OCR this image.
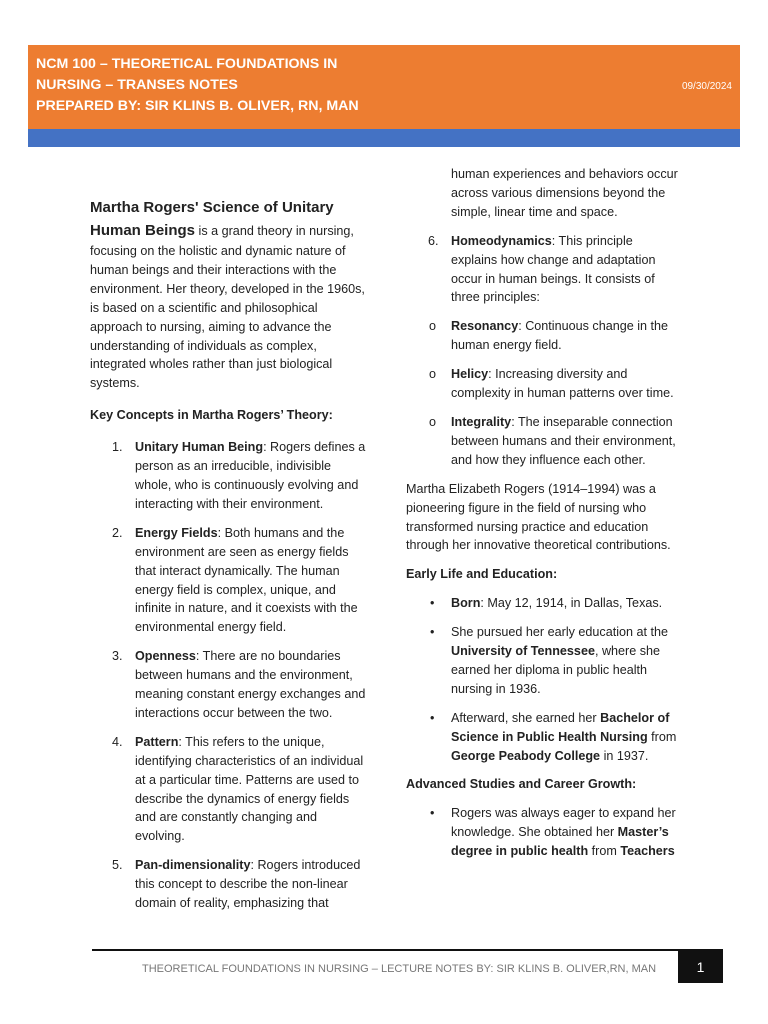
NCM 100 – THEORETICAL FOUNDATIONS IN
NURSING – TRANSES NOTES
PREPARED BY: SIR KLINS B. OLIVER, RN, MAN
09/30/2024

Martha Rogers' Science of Unitary

Human Beings is a grand theory in nursing, focusing on the holistic and dynamic nature of human beings and their interactions with the environment. Her theory, developed in the 1960s, is based on a scientific and philosophical approach to nursing, aiming to advance the understanding of individuals as complex, integrated wholes rather than just biological systems.

Key Concepts in Martha Rogers’ Theory:

1. Unitary Human Being: Rogers defines a person as an irreducible, indivisible whole, who is continuously evolving and interacting with their environment.
2. Energy Fields: Both humans and the environment are seen as energy fields that interact dynamically. The human energy field is complex, unique, and infinite in nature, and it coexists with the environmental energy field.
3. Openness: There are no boundaries between humans and the environment, meaning constant energy exchanges and interactions occur between the two.
4. Pattern: This refers to the unique, identifying characteristics of an individual at a particular time. Patterns are used to describe the dynamics of energy fields and are constantly changing and evolving.
5. Pan-dimensionality: Rogers introduced this concept to describe the non-linear domain of reality, emphasizing that

human experiences and behaviors occur across various dimensions beyond the simple, linear time and space.

6. Homeodynamics: This principle explains how change and adaptation occur in human beings. It consists of three principles:
o Resonancy: Continuous change in the human energy field.
o Helicy: Increasing diversity and complexity in human patterns over time.
o Integrality: The inseparable connection between humans and their environment, and how they influence each other.

Martha Elizabeth Rogers (1914–1994) was a pioneering figure in the field of nursing who transformed nursing practice and education through her innovative theoretical contributions.

Early Life and Education:

• Born: May 12, 1914, in Dallas, Texas.
• She pursued her early education at the University of Tennessee, where she earned her diploma in public health nursing in 1936.
• Afterward, she earned her Bachelor of Science in Public Health Nursing from George Peabody College in 1937.

Advanced Studies and Career Growth:

• Rogers was always eager to expand her knowledge. She obtained her Master’s degree in public health from Teachers
THEORETICAL FOUNDATIONS IN NURSING – LECTURE NOTES BY: SIR KLINS B. OLIVER,RN, MAN	1
